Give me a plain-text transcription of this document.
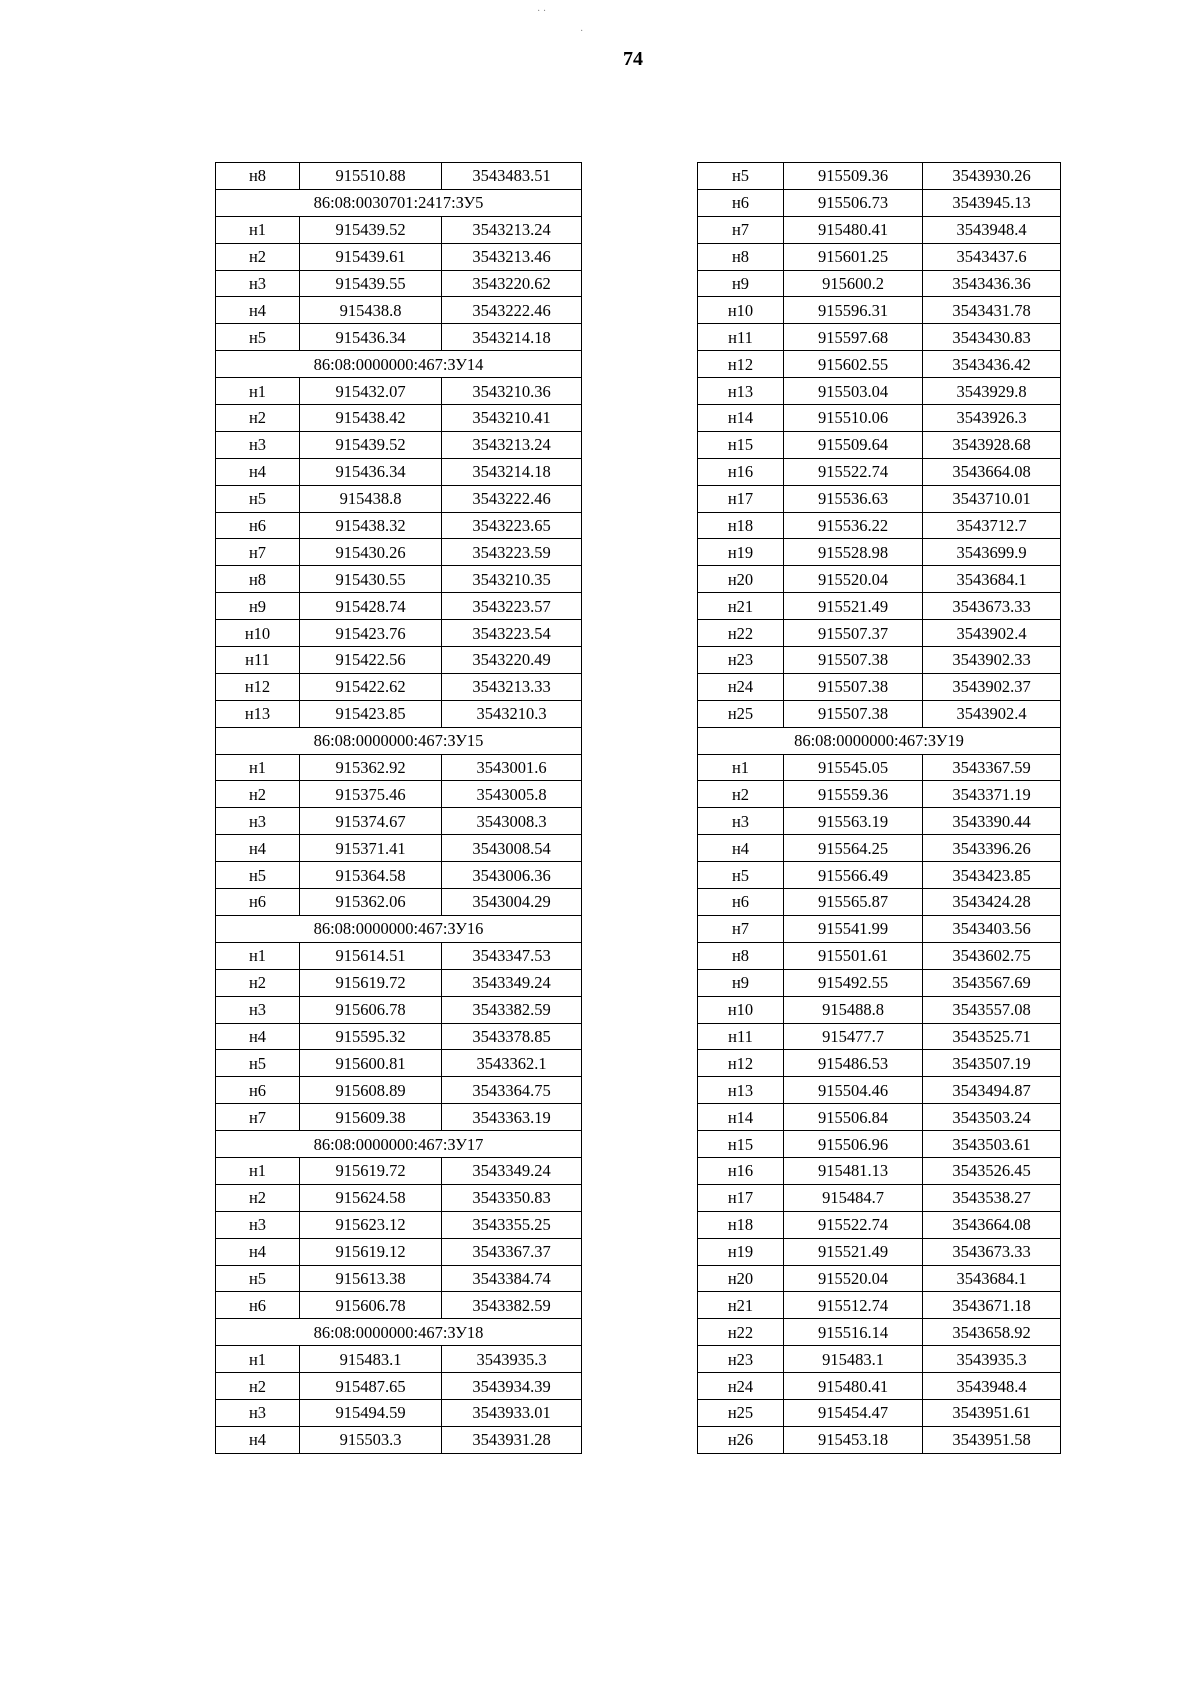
· ·
·
74
н8	915510.88	3543483.51
86:08:0030701:2417:ЗУ5		
н1	915439.52	3543213.24
н2	915439.61	3543213.46
н3	915439.55	3543220.62
н4	915438.8	3543222.46
н5	915436.34	3543214.18
86:08:0000000:467:ЗУ14		
н1	915432.07	3543210.36
н2	915438.42	3543210.41
н3	915439.52	3543213.24
н4	915436.34	3543214.18
н5	915438.8	3543222.46
н6	915438.32	3543223.65
н7	915430.26	3543223.59
н8	915430.55	3543210.35
н9	915428.74	3543223.57
н10	915423.76	3543223.54
н11	915422.56	3543220.49
н12	915422.62	3543213.33
н13	915423.85	3543210.3
86:08:0000000:467:ЗУ15		
н1	915362.92	3543001.6
н2	915375.46	3543005.8
н3	915374.67	3543008.3
н4	915371.41	3543008.54
н5	915364.58	3543006.36
н6	915362.06	3543004.29
86:08:0000000:467:ЗУ16		
н1	915614.51	3543347.53
н2	915619.72	3543349.24
н3	915606.78	3543382.59
н4	915595.32	3543378.85
н5	915600.81	3543362.1
н6	915608.89	3543364.75
н7	915609.38	3543363.19
86:08:0000000:467:ЗУ17		
н1	915619.72	3543349.24
н2	915624.58	3543350.83
н3	915623.12	3543355.25
н4	915619.12	3543367.37
н5	915613.38	3543384.74
н6	915606.78	3543382.59
86:08:0000000:467:ЗУ18		
н1	915483.1	3543935.3
н2	915487.65	3543934.39
н3	915494.59	3543933.01
н4	915503.3	3543931.28
н5	915509.36	3543930.26
н6	915506.73	3543945.13
н7	915480.41	3543948.4
н8	915601.25	3543437.6
н9	915600.2	3543436.36
н10	915596.31	3543431.78
н11	915597.68	3543430.83
н12	915602.55	3543436.42
н13	915503.04	3543929.8
н14	915510.06	3543926.3
н15	915509.64	3543928.68
н16	915522.74	3543664.08
н17	915536.63	3543710.01
н18	915536.22	3543712.7
н19	915528.98	3543699.9
н20	915520.04	3543684.1
н21	915521.49	3543673.33
н22	915507.37	3543902.4
н23	915507.38	3543902.33
н24	915507.38	3543902.37
н25	915507.38	3543902.4
86:08:0000000:467:ЗУ19		
н1	915545.05	3543367.59
н2	915559.36	3543371.19
н3	915563.19	3543390.44
н4	915564.25	3543396.26
н5	915566.49	3543423.85
н6	915565.87	3543424.28
н7	915541.99	3543403.56
н8	915501.61	3543602.75
н9	915492.55	3543567.69
н10	915488.8	3543557.08
н11	915477.7	3543525.71
н12	915486.53	3543507.19
н13	915504.46	3543494.87
н14	915506.84	3543503.24
н15	915506.96	3543503.61
н16	915481.13	3543526.45
н17	915484.7	3543538.27
н18	915522.74	3543664.08
н19	915521.49	3543673.33
н20	915520.04	3543684.1
н21	915512.74	3543671.18
н22	915516.14	3543658.92
н23	915483.1	3543935.3
н24	915480.41	3543948.4
н25	915454.47	3543951.61
н26	915453.18	3543951.58
